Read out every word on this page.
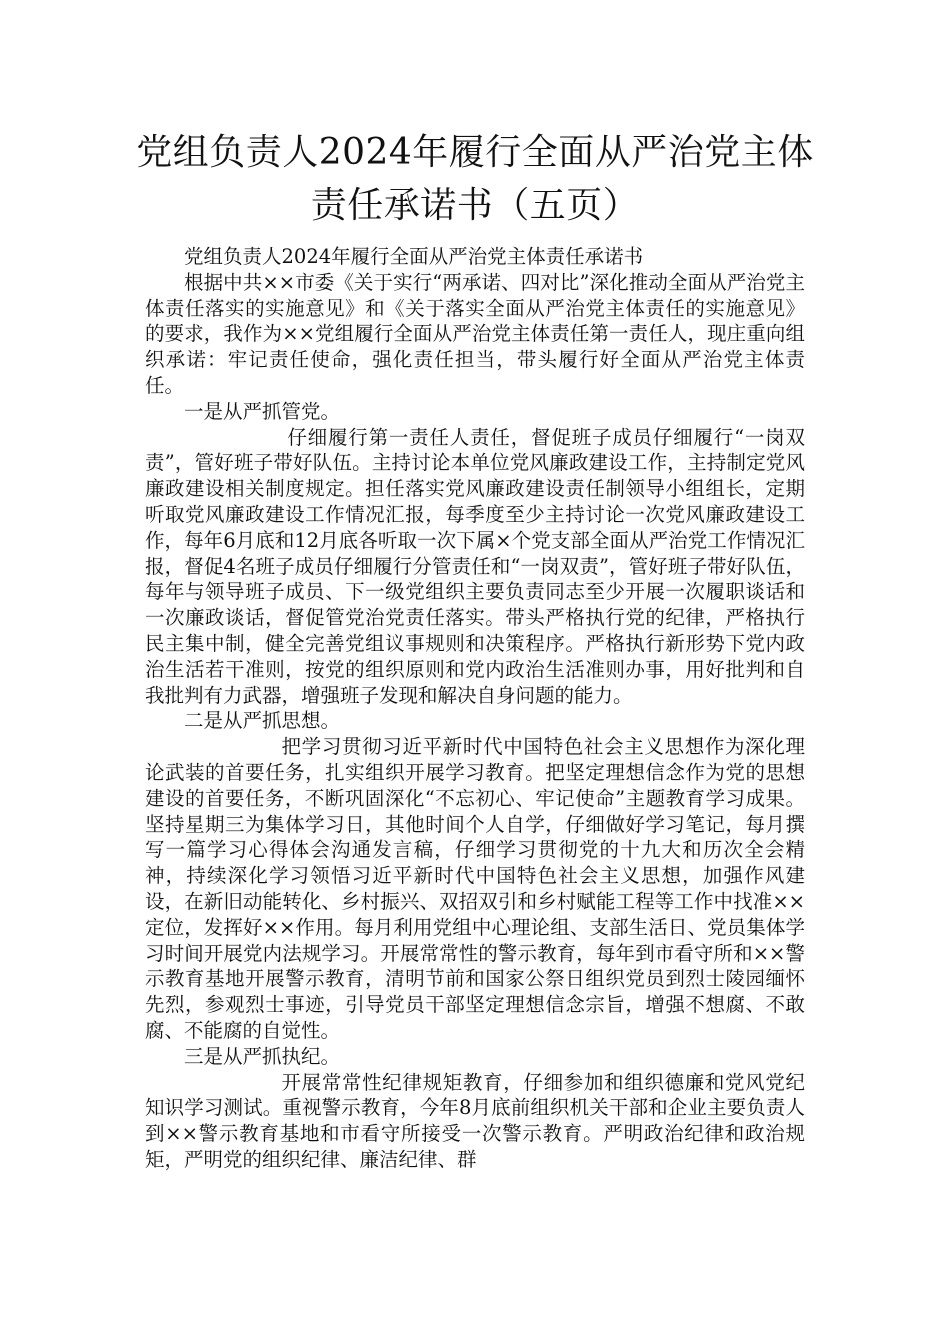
党组负责人2024年履行全面从严治党主体
责任承诺书（五页）

党组负责人2024年履行全面从严治党主体责任承诺书

根据中共××市委《关于实行“两承诺、四对比”深化推动全面从严治党主体责任落实的实施意见》和《关于落实全面从严治党主体责任的实施意见》的要求，我作为××党组履行全面从严治党主体责任第一责任人，现庄重向组织承诺：牢记责任使命，强化责任担当，带头履行好全面从严治党主体责任。

一是从严抓管党。

仔细履行第一责任人责任，督促班子成员仔细履行“一岗双责”，管好班子带好队伍。主持讨论本单位党风廉政建设工作，主持制定党风廉政建设相关制度规定。担任落实党风廉政建设责任制领导小组组长，定期听取党风廉政建设工作情况汇报，每季度至少主持讨论一次党风廉政建设工作，每年6月底和12月底各听取一次下属×个党支部全面从严治党工作情况汇报，督促4名班子成员仔细履行分管责任和“一岗双责”，管好班子带好队伍，每年与领导班子成员、下一级党组织主要负责同志至少开展一次履职谈话和一次廉政谈话，督促管党治党责任落实。带头严格执行党的纪律，严格执行民主集中制，健全完善党组议事规则和决策程序。严格执行新形势下党内政治生活若干准则，按党的组织原则和党内政治生活准则办事，用好批判和自我批判有力武器，增强班子发现和解决自身问题的能力。

二是从严抓思想。

把学习贯彻习近平新时代中国特色社会主义思想作为深化理论武装的首要任务，扎实组织开展学习教育。把坚定理想信念作为党的思想建设的首要任务，不断巩固深化“不忘初心、牢记使命”主题教育学习成果。坚持星期三为集体学习日，其他时间个人自学，仔细做好学习笔记，每月撰写一篇学习心得体会沟通发言稿，仔细学习贯彻党的十九大和历次全会精神，持续深化学习领悟习近平新时代中国特色社会主义思想，加强作风建设，在新旧动能转化、乡村振兴、双招双引和乡村赋能工程等工作中找准××定位，发挥好××作用。每月利用党组中心理论组、支部生活日、党员集体学习时间开展党内法规学习。开展常常性的警示教育，每年到市看守所和××警示教育基地开展警示教育，清明节前和国家公祭日组织党员到烈士陵园缅怀先烈，参观烈士事迹，引导党员干部坚定理想信念宗旨，增强不想腐、不敢腐、不能腐的自觉性。

三是从严抓执纪。

开展常常性纪律规矩教育，仔细参加和组织德廉和党风党纪知识学习测试。重视警示教育，今年8月底前组织机关干部和企业主要负责人到××警示教育基地和市看守所接受一次警示教育。严明政治纪律和政治规矩，严明党的组织纪律、廉洁纪律、群
